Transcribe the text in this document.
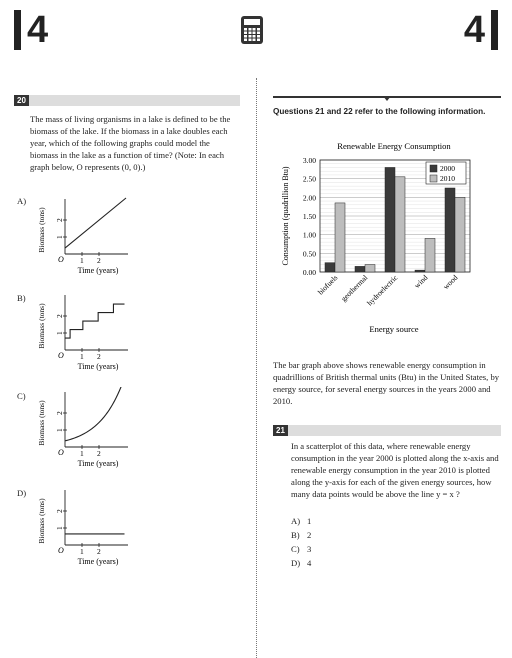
4	4
20
The mass of living organisms in a lake is defined to be the biomass of the lake. If the biomass in a lake doubles each year, which of the following graphs could model the biomass in the lake as a function of time? (Note: In each graph below, O represents (0, 0).)
A)
B)
C)
D)
O 1 2
1
2
Time (years)
Biomass (tons)
O 1 2
1
2
Time (years)
Biomass (tons)
O 1 2
1
2
Time (years)
Biomass (tons)
O 1 2
1
2
Time (years)
Biomass (tons)
Questions 21 and 22 refer to the following information.
Renewable Energy Consumption
0.00
0.50
1.00
1.50
2.00
2.50
3.00
biofuels geothermal
hydroelectric wind wood
Energy source
Consumption (quadrillion Btu)	2000
2010
The bar graph above shows renewable energy consumption in quadrillions of British thermal units (Btu) in the United States, by energy source, for several energy sources in the years 2000 and 2010.
21
In a scatterplot of this data, where renewable energy consumption in the year 2000 is plotted along the x-axis and renewable energy consumption in the year 2010 is plotted along the y-axis for each of the given energy sources, how many data points would be above the line y = x ?
A) 1
B) 2
C) 3
D) 4
